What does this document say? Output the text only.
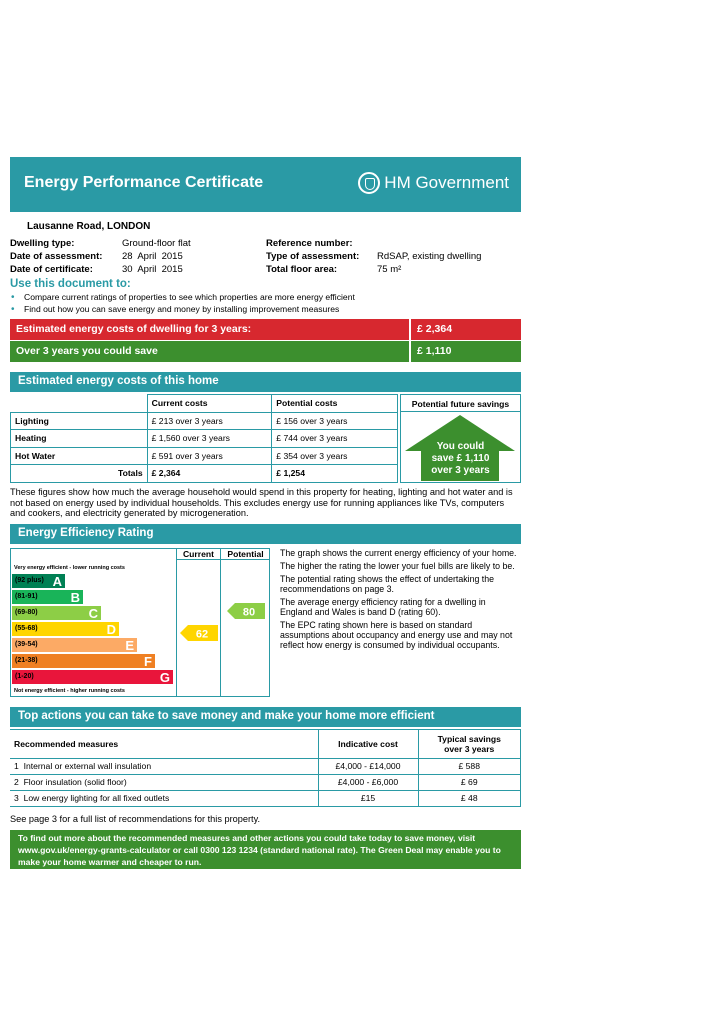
Energy Performance Certificate	HM Government
Lausanne Road, LONDON
Dwelling type:	Ground-floor flat
Date of assessment: 28  April  2015
Date of certificate:	30  April  2015
Reference number:
Type of assessment: RdSAP, existing dwelling
Total floor area:	75 m²
Use this document to:
• Compare current ratings of properties to see which properties are more energy efficient
• Find out how you can save energy and money by installing improvement measures
Estimated energy costs of dwelling for 3 years:	£ 2,364
Over 3 years you could save	£ 1,110
Estimated energy costs of this home
	Current costs	Potential costs
Lighting	£ 213 over 3 years	£ 156 over 3 years
Heating	£ 1,560 over 3 years	£ 744 over 3 years
Hot Water	£ 591 over 3 years	£ 354 over 3 years
Totals	£ 2,364	£ 1,254
Potential future savings
You could
save £ 1,110
over 3 years
These figures show how much the average household would spend in this property for heating, lighting and hot water and is not based on energy used by individual households. This excludes energy use for running appliances like TVs, computers and cookers, and electricity generated by microgeneration.
Energy Efficiency Rating
Current	Potential
Very energy efficient - lower running costs
Not energy efficient - higher running costs
(92 plus) A
(81-91)	B
(69-80)	C
(55-68)	D
(39-54)	E
(21-38)	F
(1-20)	G
62
80

The graph shows the current energy efficiency of your home.

The higher the rating the lower your fuel bills are likely to be.

The potential rating shows the effect of undertaking the recommendations on page 3.

The average energy efficiency rating for a dwelling in England and Wales is band D (rating 60).

The EPC rating shown here is based on standard assumptions about occupancy and energy use and may not reflect how energy is consumed by individual occupants.

Top actions you can take to save money and make your home more efficient
Recommended measures	Indicative cost	Typical savings
over 3 years

1 Internal or external wall insulation	£4,000 - £14,000	£ 588
2 Floor insulation (solid floor)	£4,000 - £6,000	£ 69
3 Low energy lighting for all fixed outlets	£15	£ 48
See page 3 for a full list of recommendations for this property.
To find out more about the recommended measures and other actions you could take today to save money, visit www.gov.uk/energy-grants-calculator or call 0300 123 1234 (standard national rate). The Green Deal may enable you to make your home warmer and cheaper to run.
